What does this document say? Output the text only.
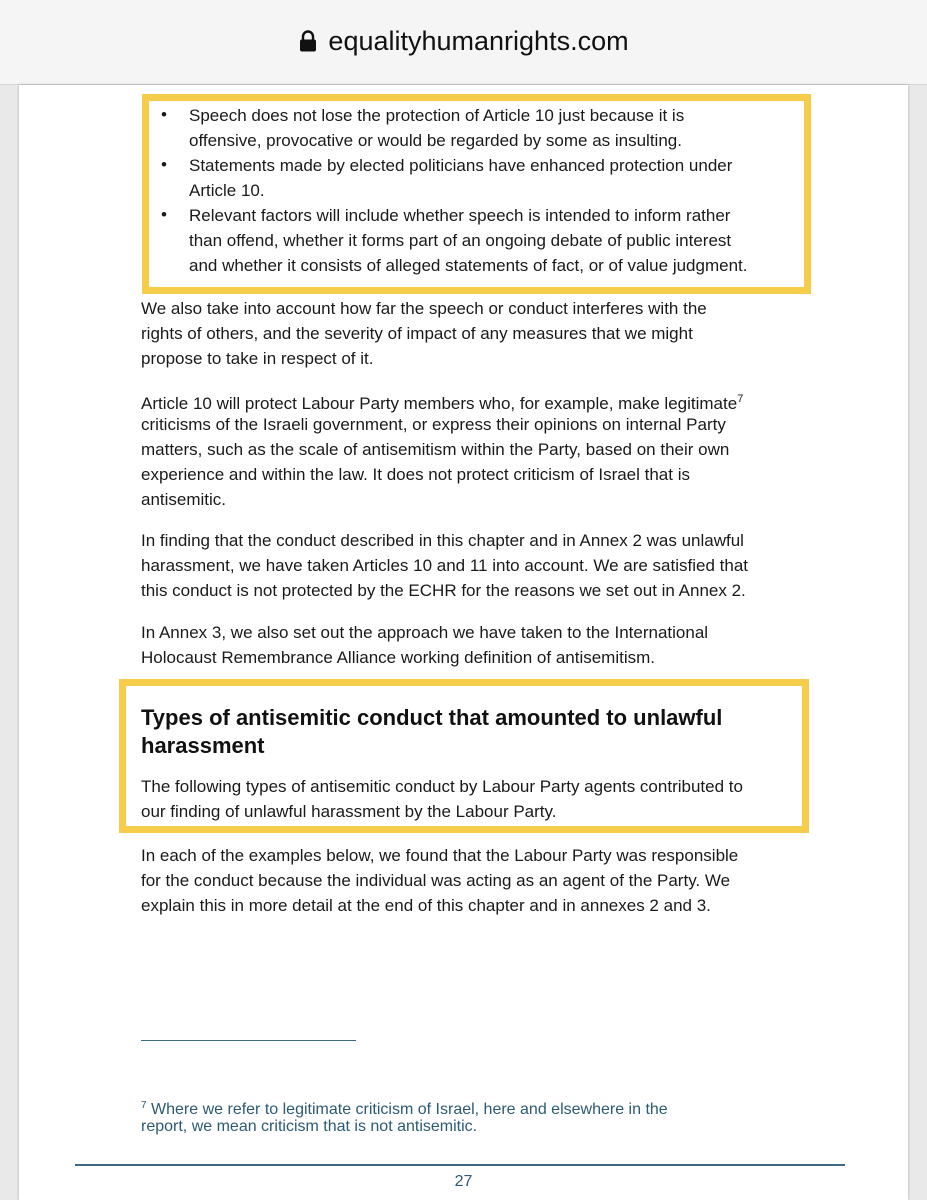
equalityhumanrights.com
• Speech does not lose the protection of Article 10 just because it is
offensive, provocative or would be regarded by some as insulting.
• Statements made by elected politicians have enhanced protection under
Article 10.
• Relevant factors will include whether speech is intended to inform rather
than offend, whether it forms part of an ongoing debate of public interest
and whether it consists of alleged statements of fact, or of value judgment.
We also take into account how far the speech or conduct interferes with the
rights of others, and the severity of impact of any measures that we might
propose to take in respect of it.
Article 10 will protect Labour Party members who, for example, make legitimate$^7$
criticisms of the Israeli government, or express their opinions on internal Party
matters, such as the scale of antisemitism within the Party, based on their own
experience and within the law. It does not protect criticism of Israel that is
antisemitic.
In finding that the conduct described in this chapter and in Annex 2 was unlawful
harassment, we have taken Articles 10 and 11 into account. We are satisfied that
this conduct is not protected by the ECHR for the reasons we set out in Annex 2.
In Annex 3, we also set out the approach we have taken to the International
Holocaust Remembrance Alliance working definition of antisemitism.
Types of antisemitic conduct that amounted to unlawful
harassment
The following types of antisemitic conduct by Labour Party agents contributed to
our finding of unlawful harassment by the Labour Party.
In each of the examples below, we found that the Labour Party was responsible
for the conduct because the individual was acting as an agent of the Party. We
explain this in more detail at the end of this chapter and in annexes 2 and 3.
$^7$ Where we refer to legitimate criticism of Israel, here and elsewhere in the
report, we mean criticism that is not antisemitic.
27
